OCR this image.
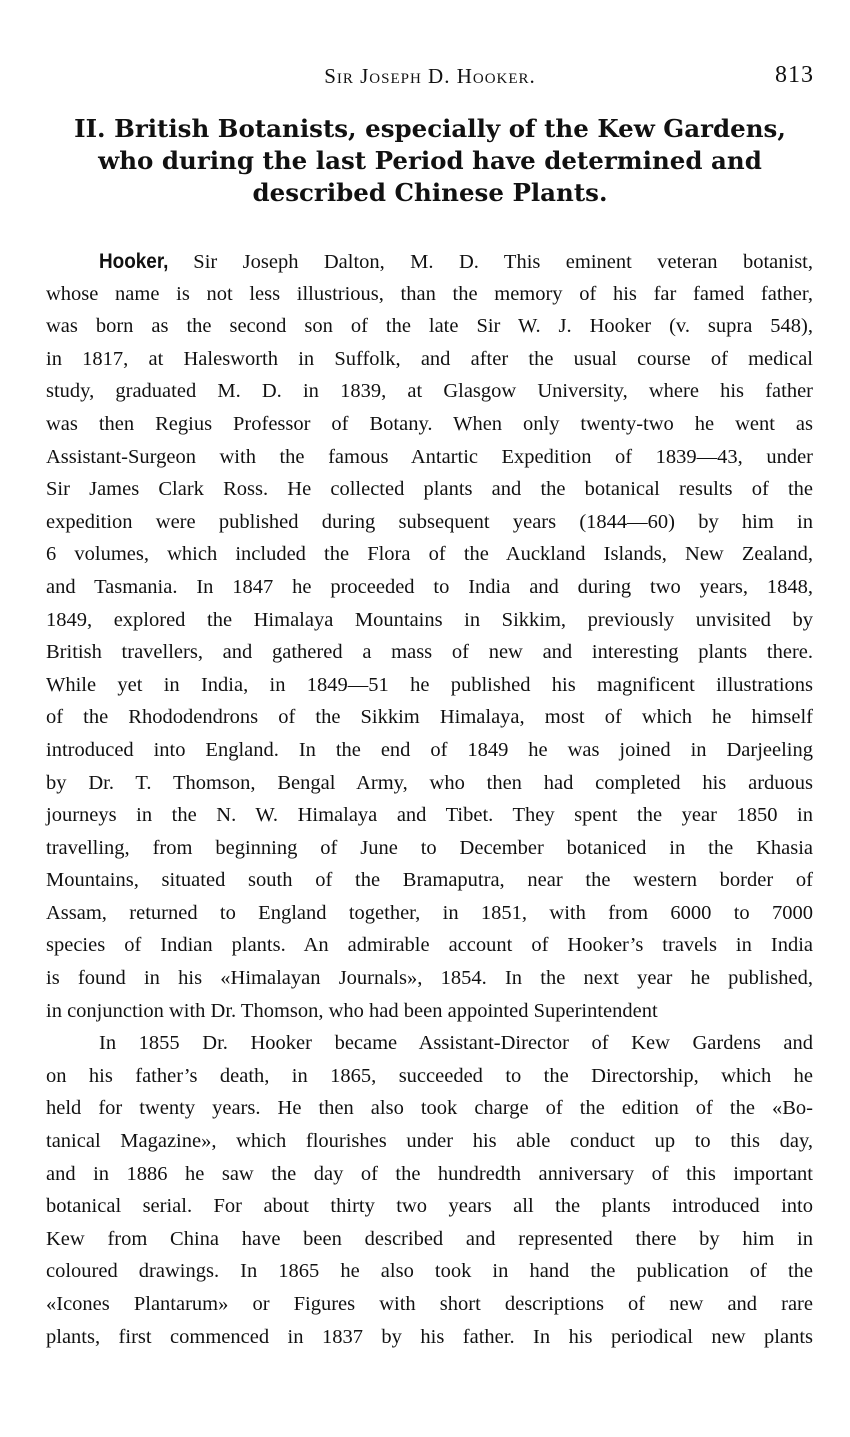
Sir Joseph D. Hooker.	813
II. British Botanists, especially of the Kew Gardens,
who during the last Period have determined and
described Chinese Plants.
Hooker, Sir Joseph Dalton, M. D. This eminent veteran botanist,
whose name is not less illustrious, than the memory of his far famed father,
was born as the second son of the late Sir W. J. Hooker (v. supra 548),
in 1817, at Halesworth in Suffolk, and after the usual course of medical
study, graduated M. D. in 1839, at Glasgow University, where his father
was then Regius Professor of Botany. When only twenty-two he went as
Assistant-Surgeon with the famous Antartic Expedition of 1839—43, under
Sir James Clark Ross. He collected plants and the botanical results of the
expedition were published during subsequent years (1844—60) by him in
6 volumes, which included the Flora of the Auckland Islands, New Zealand,
and Tasmania. In 1847 he proceeded to India and during two years, 1848,
1849, explored the Himalaya Mountains in Sikkim, previously unvisited by
British travellers, and gathered a mass of new and interesting plants there.
While yet in India, in 1849—51 he published his magnificent illustrations
of the Rhododendrons of the Sikkim Himalaya, most of which he himself
introduced into England. In the end of 1849 he was joined in Darjeeling
by Dr. T. Thomson, Bengal Army, who then had completed his arduous
journeys in the N. W. Himalaya and Tibet. They spent the year 1850 in
travelling, from beginning of June to December botaniced in the Khasia
Mountains, situated south of the Bramaputra, near the western border of
Assam, returned to England together, in 1851, with from 6000 to 7000
species of Indian plants. An admirable account of Hooker’s travels in India
is found in his «Himalayan Journals», 1854. In the next year he published,
in conjunction with Dr. Thomson, who had been appointed Superintendent
In 1855 Dr. Hooker became Assistant-Director of Kew Gardens and
on his father’s death, in 1865, succeeded to the Directorship, which he
held for twenty years. He then also took charge of the edition of the «Bo-
tanical Magazine», which flourishes under his able conduct up to this day,
and in 1886 he saw the day of the hundredth anniversary of this important
botanical serial. For about thirty two years all the plants introduced into
Kew from China have been described and represented there by him in
coloured drawings. In 1865 he also took in hand the publication of the
«Icones Plantarum» or Figures with short descriptions of new and rare
plants, first commenced in 1837 by his father. In his periodical new plants
